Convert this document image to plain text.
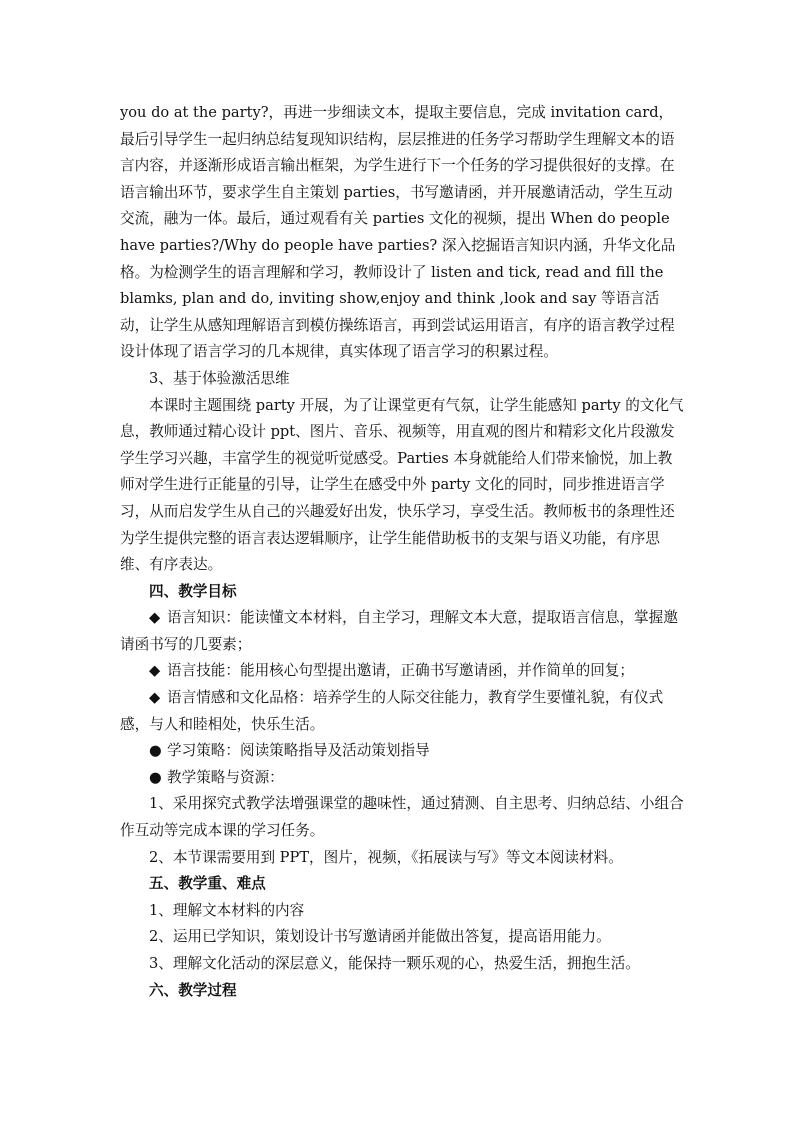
you do at the party?，再进一步细读文本，提取主要信息，完成 invitation card，最后引导学生一起归纳总结复现知识结构，层层推进的任务学习帮助学生理解文本的语言内容，并逐渐形成语言输出框架，为学生进行下一个任务的学习提供很好的支撑。在语言输出环节，要求学生自主策划 parties，书写邀请函，并开展邀请活动，学生互动交流，融为一体。最后，通过观看有关 parties 文化的视频，提出 When do people have parties?/Why do people have parties? 深入挖掘语言知识内涵，升华文化品格。为检测学生的语言理解和学习，教师设计了 listen and tick, read and fill the blamks, plan and do, inviting show,enjoy and think ,look and say 等语言活动，让学生从感知理解语言到模仿操练语言，再到尝试运用语言，有序的语言教学过程设计体现了语言学习的几本规律，真实体现了语言学习的积累过程。

3、基于体验激活思维

本课时主题围绕 party 开展，为了让课堂更有气氛，让学生能感知 party 的文化气息，教师通过精心设计 ppt、图片、音乐、视频等，用直观的图片和精彩文化片段激发学生学习兴趣，丰富学生的视觉听觉感受。Parties 本身就能给人们带来愉悦，加上教师对学生进行正能量的引导，让学生在感受中外 party 文化的同时，同步推进语言学习，从而启发学生从自己的兴趣爱好出发，快乐学习，享受生活。教师板书的条理性还为学生提供完整的语言表达逻辑顺序，让学生能借助板书的支架与语义功能，有序思维、有序表达。

四、教学目标

◆ 语言知识：能读懂文本材料，自主学习，理解文本大意，提取语言信息，掌握邀请函书写的几要素；

◆ 语言技能：能用核心句型提出邀请，正确书写邀请函，并作简单的回复；

◆ 语言情感和文化品格：培养学生的人际交往能力，教育学生要懂礼貌，有仪式感，与人和睦相处，快乐生活。

● 学习策略：阅读策略指导及活动策划指导

● 教学策略与资源：

1、采用探究式教学法增强课堂的趣味性，通过猜测、自主思考、归纳总结、小组合作互动等完成本课的学习任务。

2、本节课需要用到 PPT，图片，视频，《拓展读与写》等文本阅读材料。

五、教学重、难点

1、理解文本材料的内容

2、运用已学知识，策划设计书写邀请函并能做出答复，提高语用能力。

3、理解文化活动的深层意义，能保持一颗乐观的心，热爱生活，拥抱生活。

六、教学过程
